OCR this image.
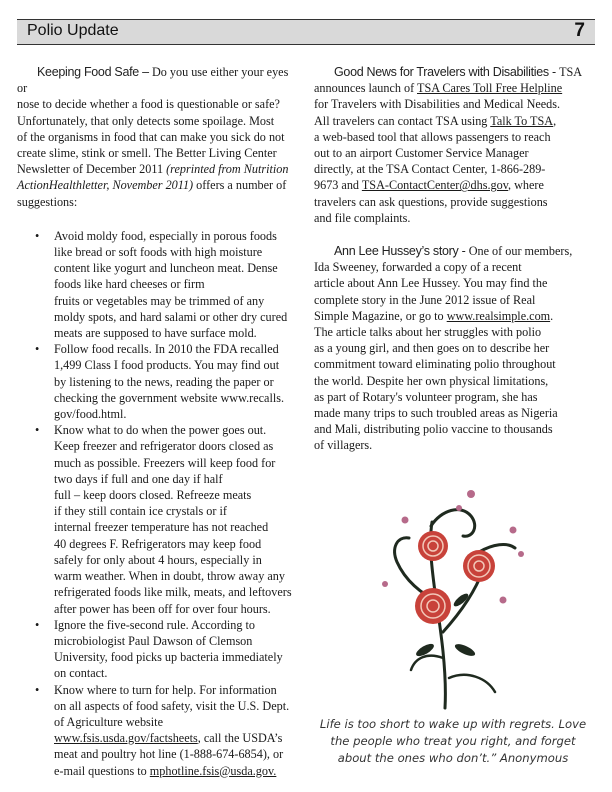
Polio Update	7

Keeping Food Safe – Do you use either your eyes or
nose to decide whether a food is questionable or safe?
Unfortunately, that only detects some spoilage. Most
of the organisms in food that can make you sick do not
create slime, stink or smell. The Better Living Center
Newsletter of December 2011 (reprinted from Nutrition ActionHealthletter, November 2011) offers a number of suggestions:

• Avoid moldy food, especially in porous foods
like bread or soft foods with high moisture
content like yogurt and luncheon meat. Dense
foods like hard cheeses or firm
fruits or vegetables may be trimmed of any
moldy spots, and hard salami or other dry cured
meats are supposed to have surface mold.
• Follow food recalls. In 2010 the FDA recalled
1,499 Class I food products. You may find out
by listening to the news, reading the paper or
checking the government website www.recalls.
gov/food.html.
• Know what to do when the power goes out.
Keep freezer and refrigerator doors closed as
much as possible. Freezers will keep food for
two days if full and one day if half
full – keep doors closed. Refreeze meats
if they still contain ice crystals or if
internal freezer temperature has not reached
40 degrees F. Refrigerators may keep food
safely for only about 4 hours, especially in
warm weather. When in doubt, throw away any
refrigerated foods like milk, meats, and leftovers
after power has been off for over four hours.
• Ignore the five-second rule. According to
microbiologist Paul Dawson of Clemson
University, food picks up bacteria immediately
on contact.
• Know where to turn for help. For information
on all aspects of food safety, visit the U.S. Dept.
of Agriculture website
www.fsis.usda.gov/factsheets, call the USDA’s
meat and poultry hot line (1-888-674-6854), or
e-mail questions to mphotline.fsis@usda.gov.

Good News for Travelers with Disabilities - TSA
announces launch of TSA Cares Toll Free Helpline
for Travelers with Disabilities and Medical Needs.
All travelers can contact TSA using Talk To TSA,
a web-based tool that allows passengers to reach
out to an airport Customer Service Manager
directly, at the TSA Contact Center, 1-866-289-
9673 and TSA-ContactCenter@dhs.gov, where
travelers can ask questions, provide suggestions
and file complaints.

Ann Lee Hussey’s story - One of our members,
Ida Sweeney, forwarded a copy of a recent
article about Ann Lee Hussey. You may find the
complete story in the June 2012 issue of Real
Simple Magazine, or go to www.realsimple.com.
The article talks about her struggles with polio
as a young girl, and then goes on to describe her
commitment toward eliminating polio throughout
the world. Despite her own physical limitations,
as part of Rotary's volunteer program, she has
made many trips to such troubled areas as Nigeria
and Mali, distributing polio vaccine to thousands
of villagers.

Life is too short to wake up with regrets. Love
the people who treat you right, and forget
about the ones who don’t.” Anonymous
